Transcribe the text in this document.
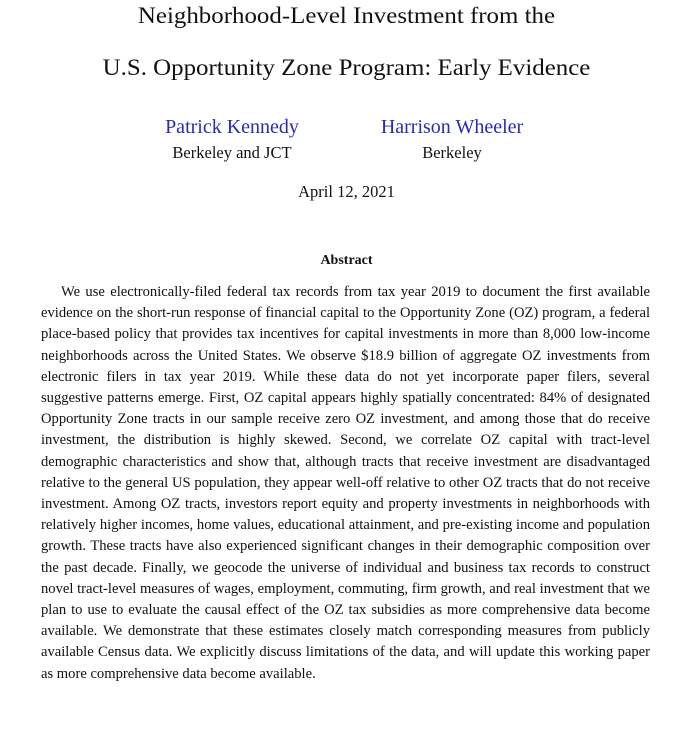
Neighborhood-Level Investment from the
U.S. Opportunity Zone Program: Early Evidence
Patrick Kennedy
Berkeley and JCT
Harrison Wheeler
Berkeley
April 12, 2021
Abstract

We use electronically-filed federal tax records from tax year 2019 to document the first available evidence on the short-run response of financial capital to the Opportunity Zone (OZ) program, a federal place-based policy that provides tax incentives for capital investments in more than 8,000 low-income neighborhoods across the United States. We observe $18.9 billion of aggregate OZ investments from electronic filers in tax year 2019. While these data do not yet incorporate paper filers, several suggestive patterns emerge. First, OZ capital appears highly spatially concentrated: 84% of designated Opportunity Zone tracts in our sample receive zero OZ investment, and among those that do receive investment, the distribution is highly skewed. Second, we correlate OZ capital with tract-level demographic characteristics and show that, although tracts that receive investment are disadvantaged relative to the general US population, they appear well-off relative to other OZ tracts that do not receive investment. Among OZ tracts, investors report equity and property investments in neighborhoods with relatively higher incomes, home values, educational attainment, and pre-existing income and population growth. These tracts have also experienced significant changes in their demographic composition over the past decade. Finally, we geocode the universe of individual and business tax records to construct novel tract-level measures of wages, employment, commuting, firm growth, and real investment that we plan to use to evaluate the causal effect of the OZ tax subsidies as more comprehensive data become available. We demonstrate that these estimates closely match corresponding measures from publicly available Census data. We explicitly discuss limitations of the data, and will update this working paper as more comprehensive data become available.
